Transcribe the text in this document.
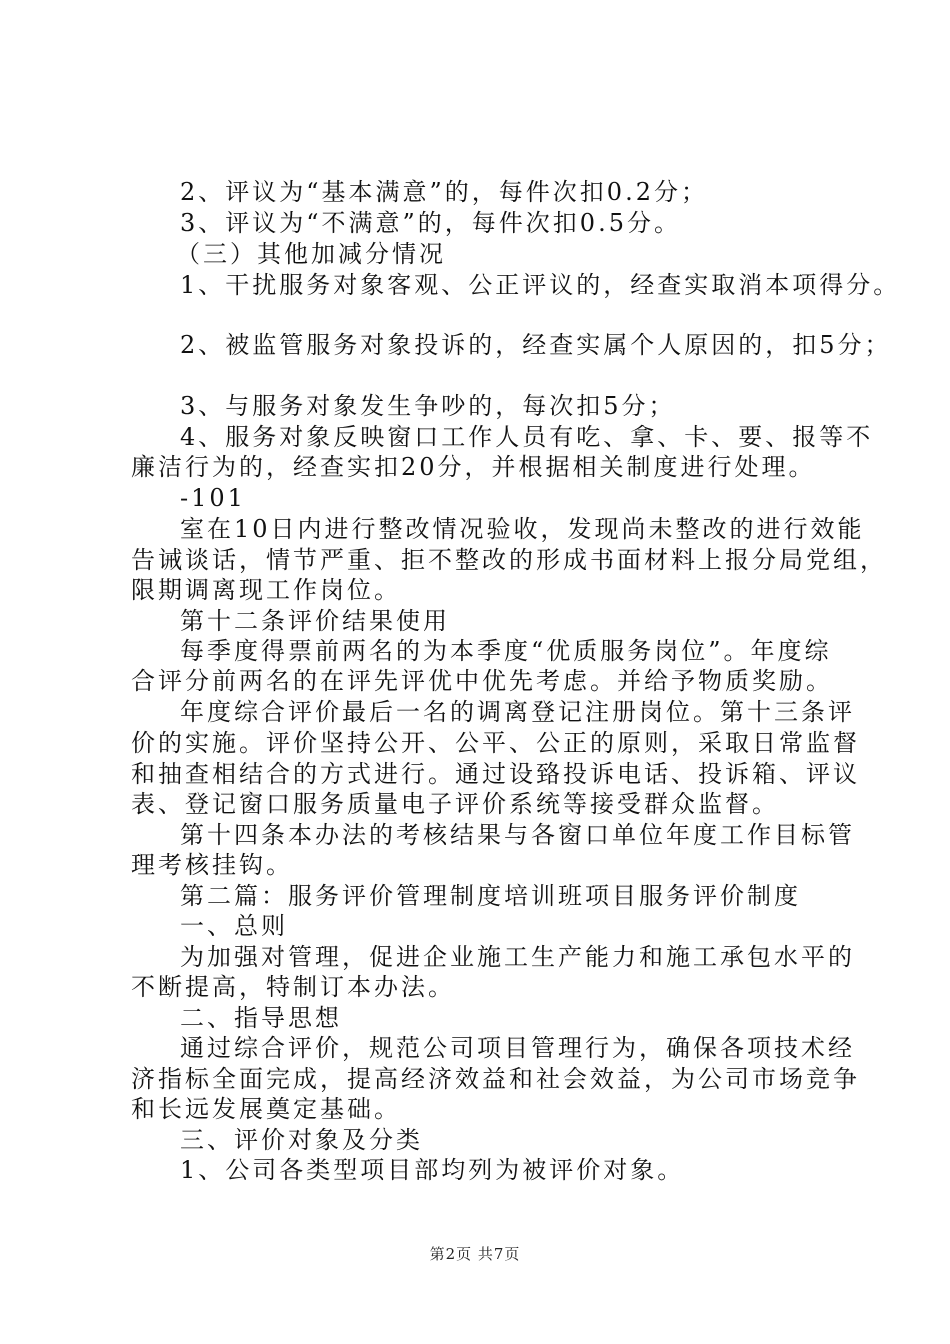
2、评议为“基本满意”的，每件次扣0.2分；

3、评议为“不满意”的，每件次扣0.5分。

（三）其他加减分情况

1、干扰服务对象客观、公正评议的，经查实取消本项得分。

2、被监管服务对象投诉的，经查实属个人原因的，扣5分；

3、与服务对象发生争吵的，每次扣5分；

4、服务对象反映窗口工作人员有吃、拿、卡、要、报等不

廉洁行为的，经查实扣20分，并根据相关制度进行处理。

-101

室在10日内进行整改情况验收，发现尚未整改的进行效能

告诫谈话，情节严重、拒不整改的形成书面材料上报分局党组，

限期调离现工作岗位。

第十二条评价结果使用

每季度得票前两名的为本季度“优质服务岗位”。年度综

合评分前两名的在评先评优中优先考虑。并给予物质奖励。

年度综合评价最后一名的调离登记注册岗位。第十三条评

价的实施。评价坚持公开、公平、公正的原则，采取日常监督

和抽查相结合的方式进行。通过设臵投诉电话、投诉箱、评议

表、登记窗口服务质量电子评价系统等接受群众监督。

第十四条本办法的考核结果与各窗口单位年度工作目标管

理考核挂钩。

第二篇：服务评价管理制度培训班项目服务评价制度

一、总则

为加强对管理，促进企业施工生产能力和施工承包水平的

不断提高，特制订本办法。

二、指导思想

通过综合评价，规范公司项目管理行为，确保各项技术经

济指标全面完成，提高经济效益和社会效益，为公司市场竞争

和长远发展奠定基础。

三、评价对象及分类

1、公司各类型项目部均列为被评价对象。

第2页 共7页
